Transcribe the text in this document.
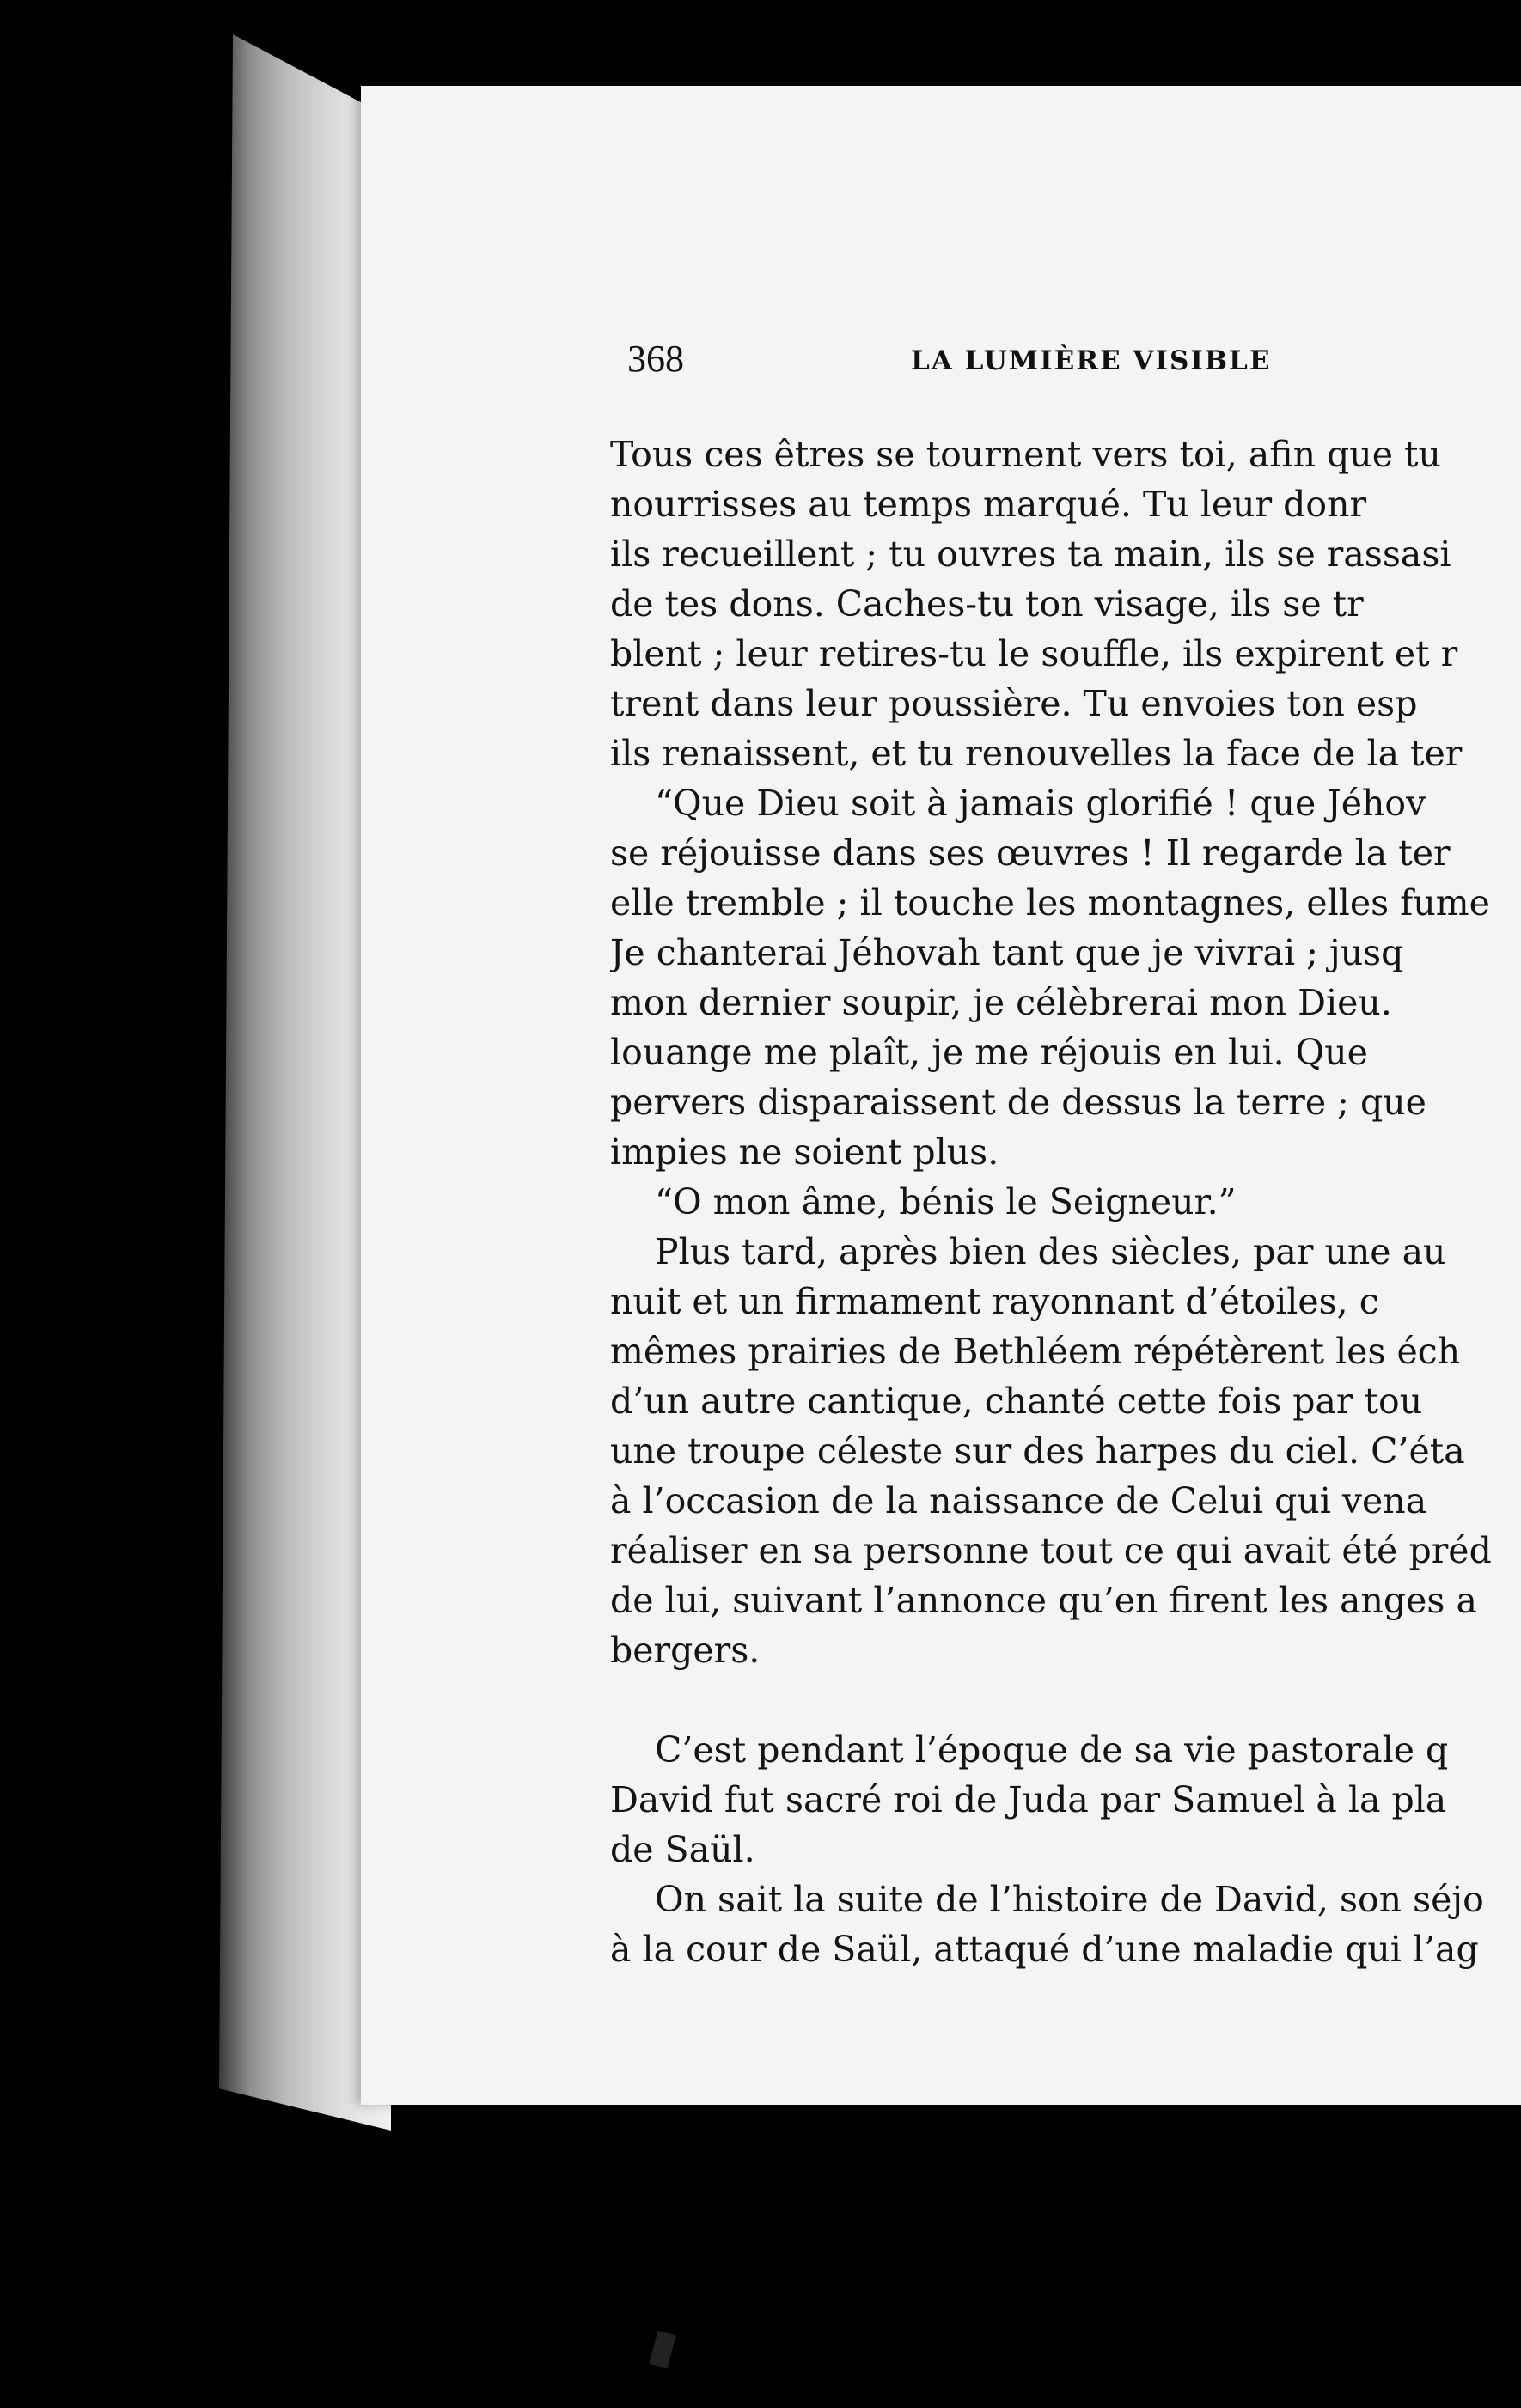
368	LA LUMIÈRE VISIBLE
Tous ces êtres se tournent vers toi, afin que tu
nourrisses au temps marqué. Tu leur donr
ils recueillent ; tu ouvres ta main, ils se rassasi
de tes dons. Caches-tu ton visage, ils se tr
blent ; leur retires-tu le souffle, ils expirent et r
trent dans leur poussière. Tu envoies ton esp
ils renaissent, et tu renouvelles la face de la ter
“Que Dieu soit à jamais glorifié ! que Jéhov
se réjouisse dans ses œuvres ! Il regarde la ter
elle tremble ; il touche les montagnes, elles fume
Je chanterai Jéhovah tant que je vivrai ; jusq
mon dernier soupir, je célèbrerai mon Dieu.
louange me plaît, je me réjouis en lui. Que
pervers disparaissent de dessus la terre ; que
impies ne soient plus.
“O mon âme, bénis le Seigneur.”
Plus tard, après bien des siècles, par une au
nuit et un firmament rayonnant d’étoiles, c
mêmes prairies de Bethléem répétèrent les éch
d’un autre cantique, chanté cette fois par tou
une troupe céleste sur des harpes du ciel. C’éta
à l’occasion de la naissance de Celui qui vena
réaliser en sa personne tout ce qui avait été préd
de lui, suivant l’annonce qu’en firent les anges a
bergers.
C’est pendant l’époque de sa vie pastorale q
David fut sacré roi de Juda par Samuel à la pla
de Saül.
On sait la suite de l’histoire de David, son séjo
à la cour de Saül, attaqué d’une maladie qui l’ag
